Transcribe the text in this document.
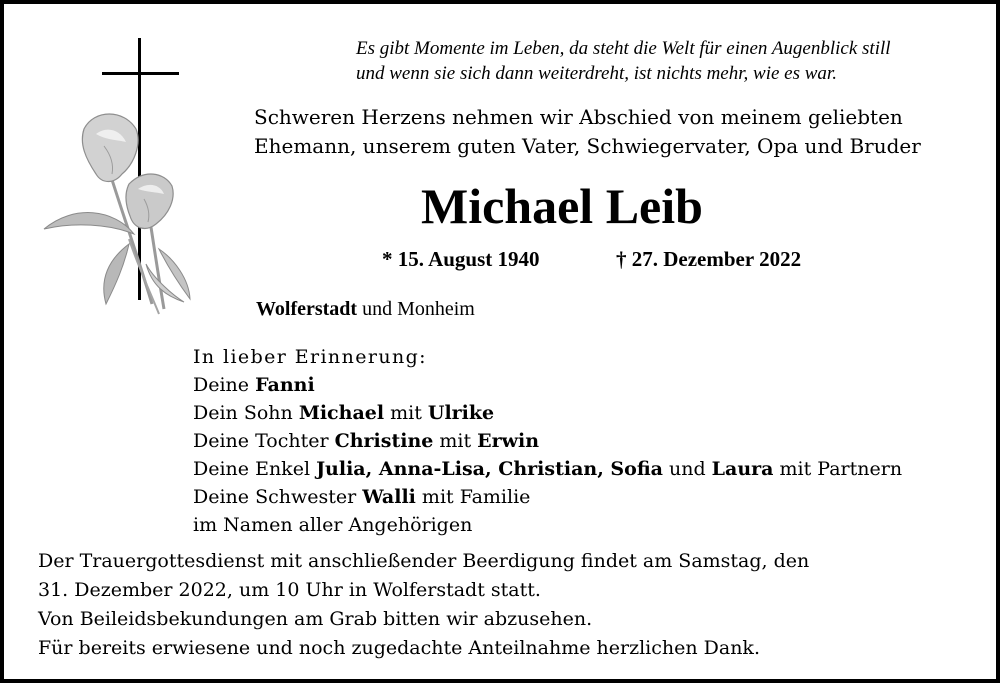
Es gibt Momente im Leben, da steht die Welt für einen Augenblick still
und wenn sie sich dann weiterdreht, ist nichts mehr, wie es war.
Schweren Herzens nehmen wir Abschied von meinem geliebten
Ehemann, unserem guten Vater, Schwiegervater, Opa und Bruder
Michael Leib
* 15. August 1940	† 27. Dezember 2022
Wolferstadt und Monheim
In lieber Erinnerung:
Deine Fanni
Dein Sohn Michael mit Ulrike
Deine Tochter Christine mit Erwin
Deine Enkel Julia, Anna-Lisa, Christian, Sofia und Laura mit Partnern
Deine Schwester Walli mit Familie
im Namen aller Angehörigen
Der Trauergottesdienst mit anschließender Beerdigung findet am Samstag, den
31. Dezember 2022, um 10 Uhr in Wolferstadt statt.
Von Beileidsbekundungen am Grab bitten wir abzusehen.
Für bereits erwiesene und noch zugedachte Anteilnahme herzlichen Dank.
